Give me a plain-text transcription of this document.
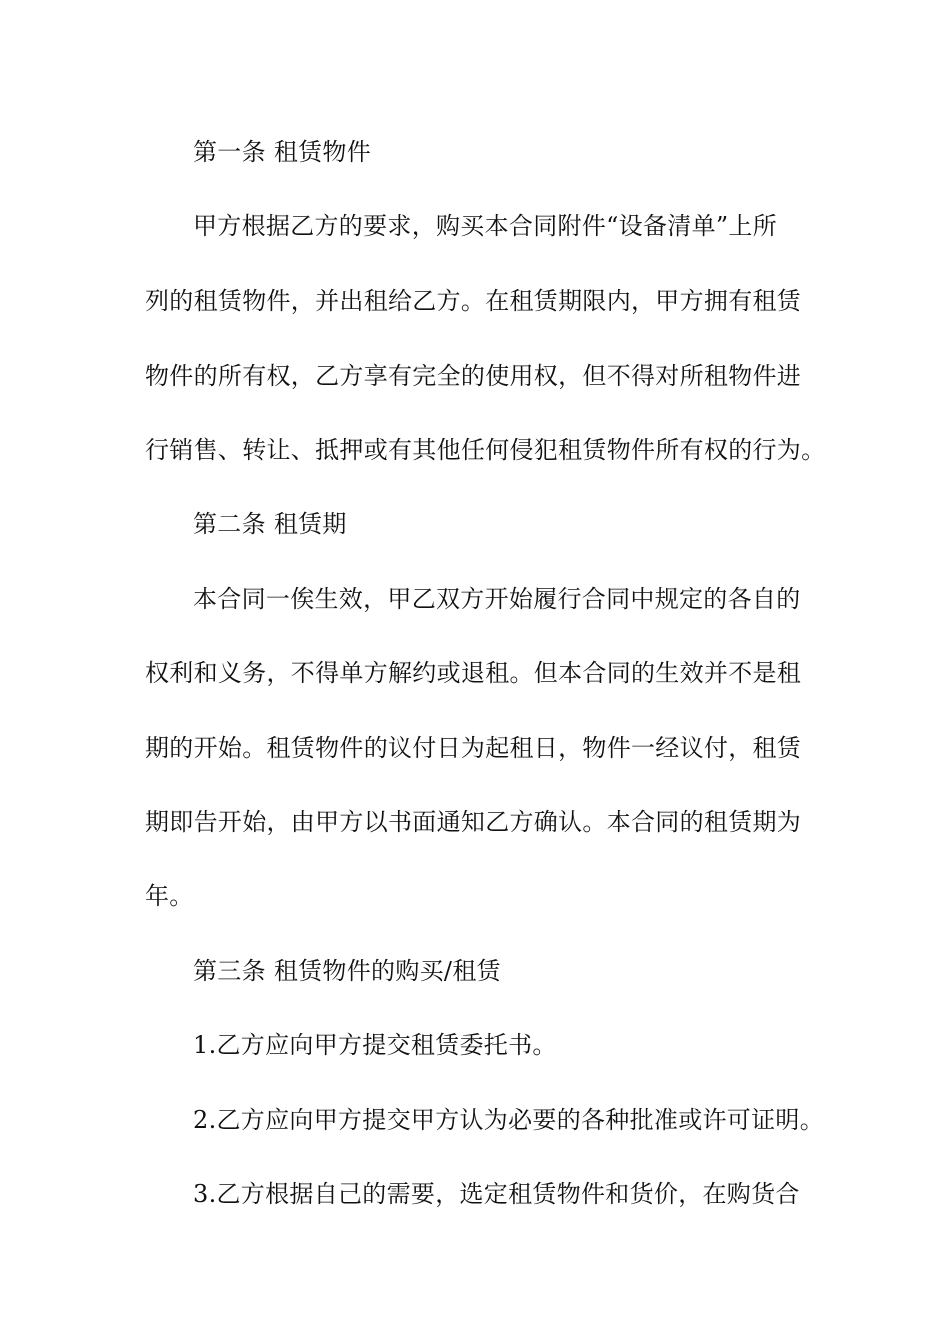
第一条 租赁物件
甲方根据乙方的要求，购买本合同附件“设备清单”上所
列的租赁物件，并出租给乙方。在租赁期限内，甲方拥有租赁
物件的所有权，乙方享有完全的使用权，但不得对所租物件进
行销售、转让、抵押或有其他任何侵犯租赁物件所有权的行为。
第二条 租赁期
本合同一俟生效，甲乙双方开始履行合同中规定的各自的
权利和义务，不得单方解约或退租。但本合同的生效并不是租
期的开始。租赁物件的议付日为起租日，物件一经议付，租赁
期即告开始，由甲方以书面通知乙方确认。本合同的租赁期为
年。
第三条 租赁物件的购买/租赁
1.乙方应向甲方提交租赁委托书。
2.乙方应向甲方提交甲方认为必要的各种批准或许可证明。
3.乙方根据自己的需要，选定租赁物件和货价，在购货合
